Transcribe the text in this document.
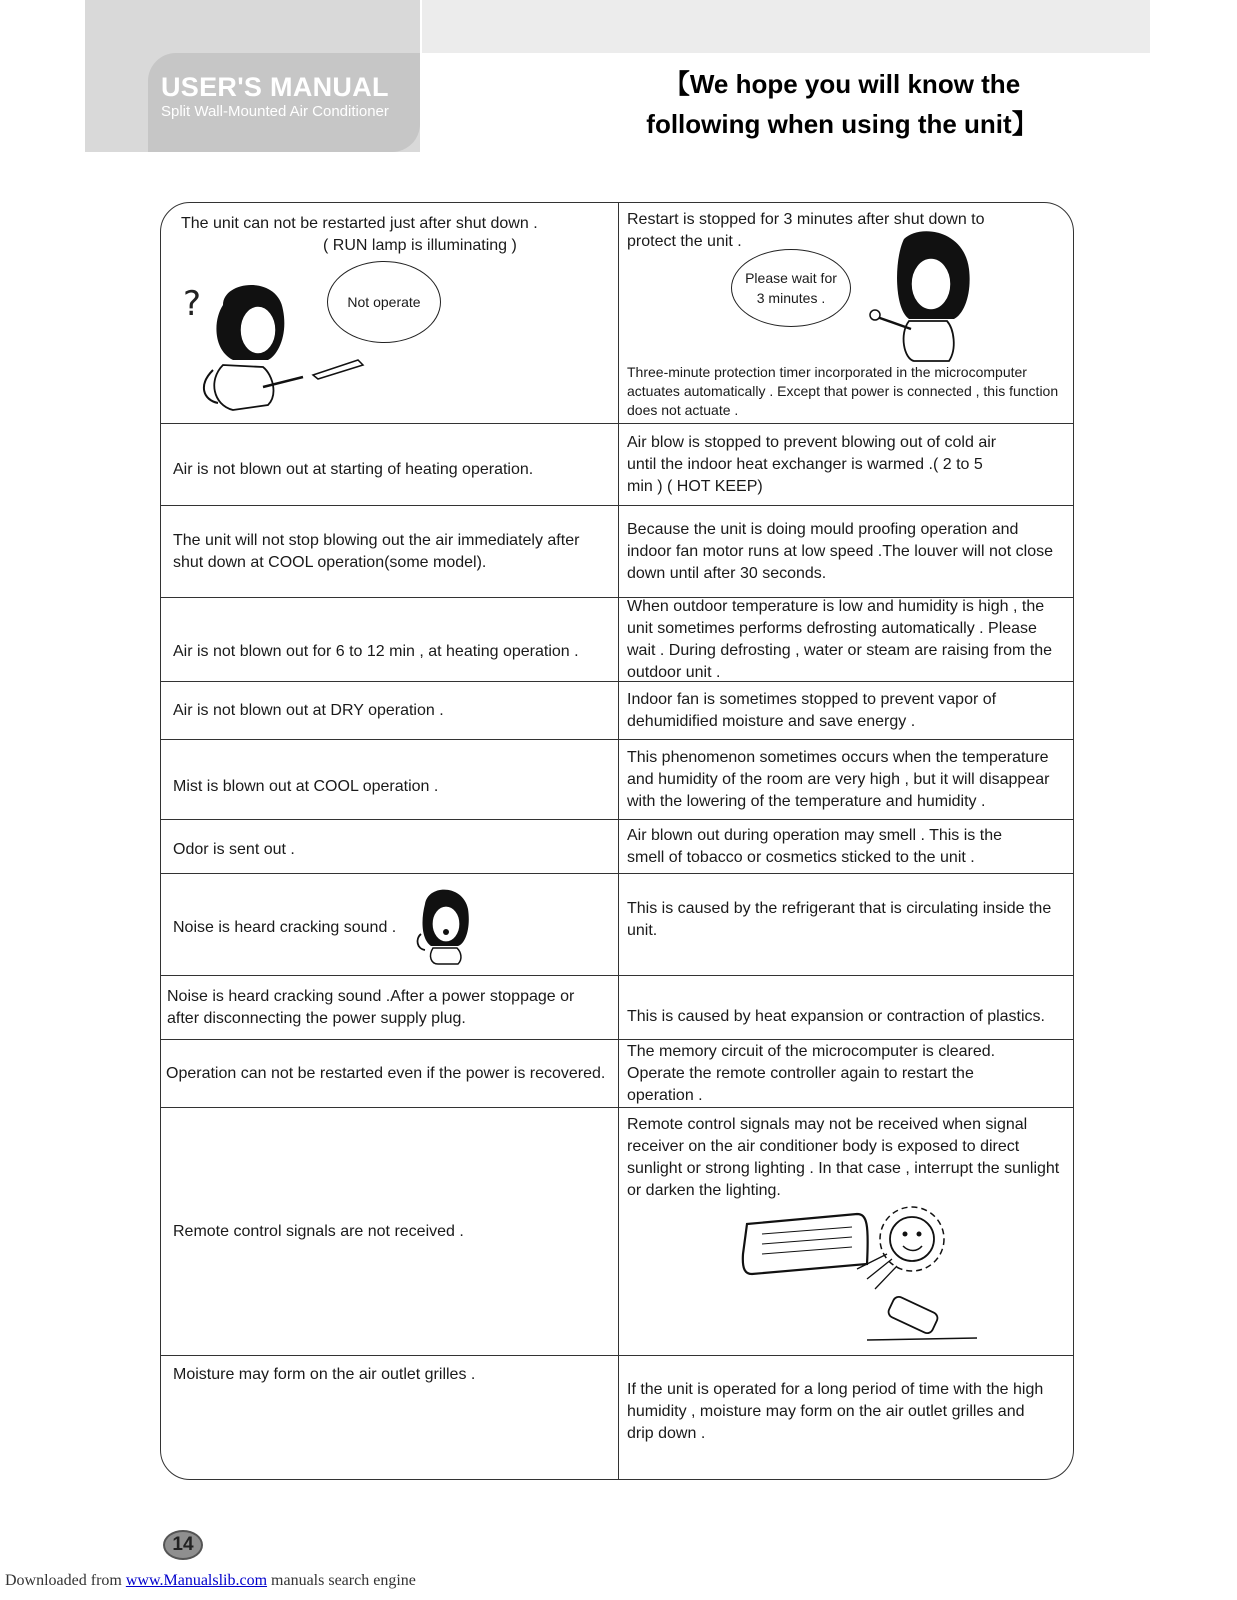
USER'S MANUAL
Split Wall-Mounted Air Conditioner
【We hope you will know the
following when using the unit】

The unit can not be restarted just after shut down .

( RUN lamp is illuminating )

Not operate
?

Restart is stopped for 3 minutes after shut down to protect the unit .

Please wait for
3 minutes .

Three-minute protection timer incorporated in the microcomputer actuates automatically . Except that power is connected , this function does not actuate .

Air is not blown out at starting of heating operation.

Air blow is stopped to prevent blowing out of cold air until the indoor heat exchanger is warmed .( 2 to 5 min ) ( HOT KEEP)

The unit will not stop blowing out the air immediately after shut down at COOL operation(some model).

Because the unit is doing mould proofing operation and indoor fan motor runs at low speed .The louver will not close down until after 30 seconds.

Air is not blown out for 6 to 12 min , at heating operation .

When outdoor temperature is low and humidity is high , the unit sometimes performs defrosting automatically . Please wait . During defrosting , water or steam are raising from the outdoor unit .

Air is not blown out at DRY operation .

Indoor fan is sometimes stopped to prevent vapor of dehumidified moisture and save energy .

Mist is blown out at COOL operation .

This phenomenon sometimes occurs when the temperature and humidity of the room are very high , but it will disappear with the lowering of the temperature and humidity .

Odor is sent out .

Air blown out during operation may smell . This is the smell of tobacco or cosmetics sticked to the unit .

Noise is heard cracking sound .

This is caused by the refrigerant that is circulating inside the unit.

Noise is heard cracking sound .After a power stoppage or after disconnecting the power supply plug.	This is caused by heat expansion or contraction of plastics.

Operation can not be restarted even if the power is recovered.

The memory circuit of the microcomputer is cleared. Operate the remote controller again to restart the operation .

Remote control signals are not received .

Remote control signals may not be received when signal receiver on the air conditioner body is exposed to direct sunlight or strong lighting . In that case , interrupt the sunlight or darken the lighting.

Moisture may form on the air outlet grilles .

If the unit is operated for a long period of time with the high humidity , moisture may form on the air outlet grilles and drip down .

14
Downloaded from www.Manualslib.com manuals search engine
